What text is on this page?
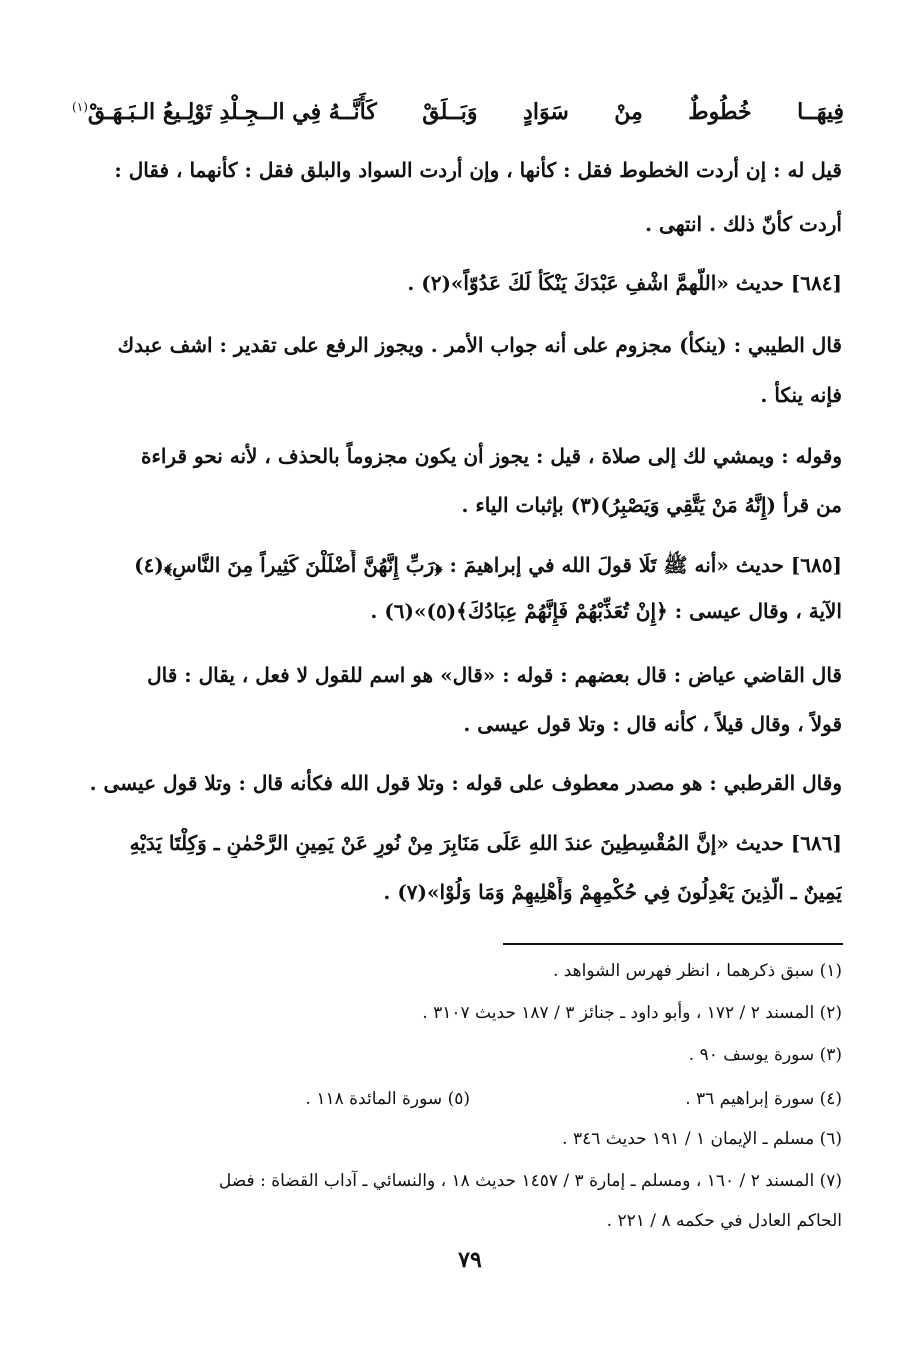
فِيهَــا
خُطُوطٌ
مِنْ
سَوَادٍ
وَبَــلَقْ
كَأَنَّــهُ فِي الــجِـلْدِ تَوْلِـيعُ الـبَـهَـقْ(١)
قيل له : إن أردت الخطوط فقل : كأنها ، وإن أردت السواد والبلق فقل : كأنهما ، فقال :
أردت كأنّ ذلك . انتهى .
[٦٨٤] حديث «اللَّهمَّ اشْفِ عَبْدَكَ يَنْكَأْ لَكَ عَدُوّاً»(٢) .
قال الطيبي : (ينكأ) مجزوم على أنه جواب الأمر . ويجوز الرفع على تقدير : اشف عبدك
فإنه ينكأ .
وقوله : ويمشي لك إلى صلاة ، قيل : يجوز أن يكون مجزوماً بالحذف ، لأنه نحو قراءة
من قرأ (إِنَّهُ مَنْ يَتَّقِي وَيَصْبِرُ)(٣) بإثبات الياء .
[٦٨٥] حديث «أنه ﷺ تَلَا قولَ الله في إبراهيمَ : ﴿رَبِّ إِنَّهُنَّ أَضْلَلْنَ كَثِيراً مِنَ النَّاسِ﴾(٤)
الآية ، وقال عيسى : ﴿إِنْ تُعَذِّبْهُمْ فَإِنَّهُمْ عِبَادُكَ﴾(٥)»(٦) .
قال القاضي عياض : قال بعضهم : قوله : «قال» هو اسم للقول لا فعل ، يقال : قال
قولاً ، وقال قيلاً ، كأنه قال : وتلا قول عيسى .
وقال القرطبي : هو مصدر معطوف على قوله : وتلا قول الله فكأنه قال : وتلا قول عيسى .
[٦٨٦] حديث «إنَّ المُقْسِطِينَ عندَ اللهِ عَلَى مَنَابِرَ مِنْ نُورٍ عَنْ يَمِينِ الرَّحْمٰنِ ـ وَكِلْتَا يَدَيْهِ
يَمِينٌ ـ الَّذِينَ يَعْدِلُونَ فِي حُكْمِهِمْ وَأَهْلِيهِمْ وَمَا وَلُوْا»(٧) .
(١) سبق ذكرهما ، انظر فهرس الشواهد .
(٢) المسند ٢ / ١٧٢ ، وأبو داود ـ جنائز ٣ / ١٨٧ حديث ٣١٠٧ .
(٣) سورة يوسف ٩٠ .
(٤) سورة إبراهيم ٣٦ .
(٥) سورة المائدة ١١٨ .
(٦) مسلم ـ الإيمان ١ / ١٩١ حديث ٣٤٦ .
(٧) المسند ٢ / ١٦٠ ، ومسلم ـ إمارة ٣ / ١٤٥٧ حديث ١٨ ، والنسائي ـ آداب القضاة : فضل
الحاكم العادل في حكمه ٨ / ٢٢١ .
٧٩
